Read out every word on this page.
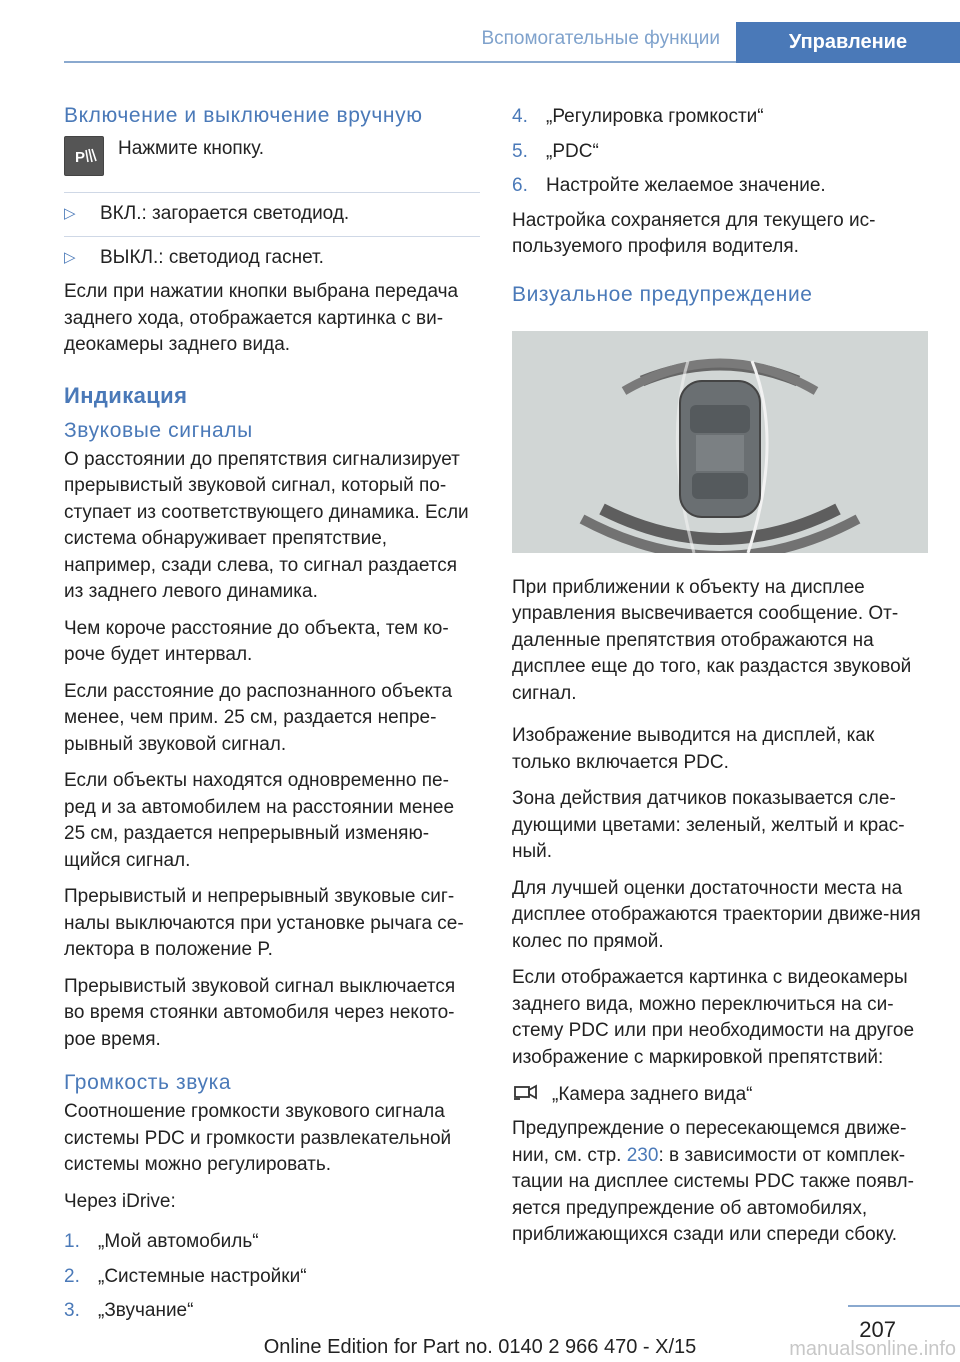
Вспомогательные функции	Управление
Включение и выключение вручную
P Нажмите кнопку.

▷	ВКЛ.: загорается светодиод.
▷	ВЫКЛ.: светодиод гаснет.

Если при нажатии кнопки выбрана передача заднего хода, отображается картинка с ви-деокамеры заднего вида.

Индикация
Звуковые сигналы

О расстоянии до препятствия сигнализирует прерывистый звуковой сигнал, который по-ступает из соответствующего динамика. Если система обнаруживает препятствие, например, сзади слева, то сигнал раздается из заднего левого динамика.

Чем короче расстояние до объекта, тем ко-роче будет интервал.

Если расстояние до распознанного объекта менее, чем прим. 25 см, раздается непре-рывный звуковой сигнал.

Если объекты находятся одновременно пе-ред и за автомобилем на расстоянии менее 25 см, раздается непрерывный изменяю-щийся сигнал.

Прерывистый и непрерывный звуковые сиг-налы выключаются при установке рычага се-лектора в положение P.

Прерывистый звуковой сигнал выключается во время стоянки автомобиля через некото-рое время.

Громкость звука

Соотношение громкости звукового сигнала системы PDC и громкости развлекательной системы можно регулировать.

Через iDrive:

1. „Мой автомобиль“
2. „Системные настройки“
3. „Звучание“
4. „Регулировка громкости“
5. „PDC“
6. Настройте желаемое значение.

Настройка сохраняется для текущего ис-пользуемого профиля водителя.

Визуальное предупреждение

При приближении к объекту на дисплее управления высвечивается сообщение. От-даленные препятствия отображаются на дисплее еще до того, как раздастся звуковой сигнал.

Изображение выводится на дисплей, как только включается PDC.

Зона действия датчиков показывается сле-дующими цветами: зеленый, желтый и крас-ный.

Для лучшей оценки достаточности места на дисплее отображаются траектории движе-ния колес по прямой.

Если отображается картинка с видеокамеры заднего вида, можно переключиться на си-стему PDC или при необходимости на другое изображение с маркировкой препятствий:

„Камера заднего вида“

Предупреждение о пересекающемся движе-нии, см. стр. 230: в зависимости от комплек-тации на дисплее системы PDC также появл-яется предупреждение об автомобилях, приближающихся сзади или спереди сбоку.

207
Online Edition for Part no. 0140 2 966 470 - X/15	manualsonline.info
